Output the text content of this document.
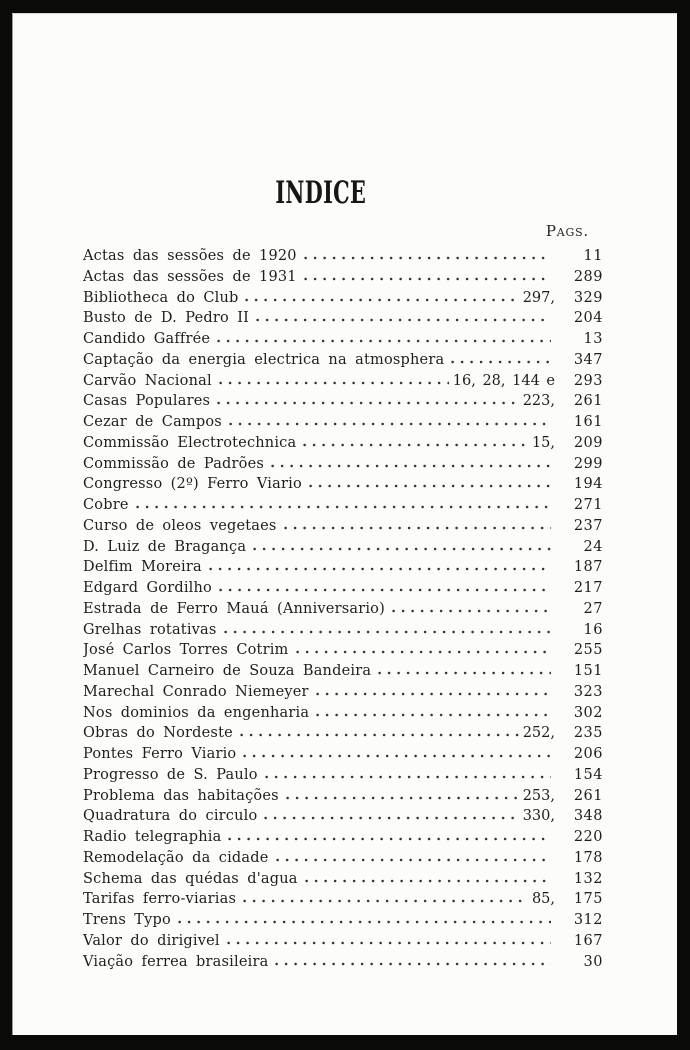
INDICE
Pags.
Actas das sessões de 1920	11
Actas das sessões de 1931	289
Bibliotheca do Club	297,	329
Busto de D. Pedro II	204
Candido Gaffrée	13
Captação da energia electrica na atmosphera	347
Carvão Nacional	16, 28, 144 e	293
Casas Populares	223,	261
Cezar de Campos	161
Commissão Electrotechnica	15,	209
Commissão de Padrões	299
Congresso (2º) Ferro Viario	194
Cobre	271
Curso de oleos vegetaes	237
D. Luiz de Bragança	24
Delfim Moreira	187
Edgard Gordilho	217
Estrada de Ferro Mauá (Anniversario)	27
Grelhas rotativas	16
José Carlos Torres Cotrim	255
Manuel Carneiro de Souza Bandeira	151
Marechal Conrado Niemeyer	323
Nos dominios da engenharia	302
Obras do Nordeste	252,	235
Pontes Ferro Viario	206
Progresso de S. Paulo	154
Problema das habitações	253,	261
Quadratura do circulo	330,	348
Radio telegraphia	220
Remodelação da cidade	178
Schema das quédas d'agua	132
Tarifas ferro-viarias	85,	175
Trens Typo	312
Valor do dirigivel	167
Viação ferrea brasileira	30
